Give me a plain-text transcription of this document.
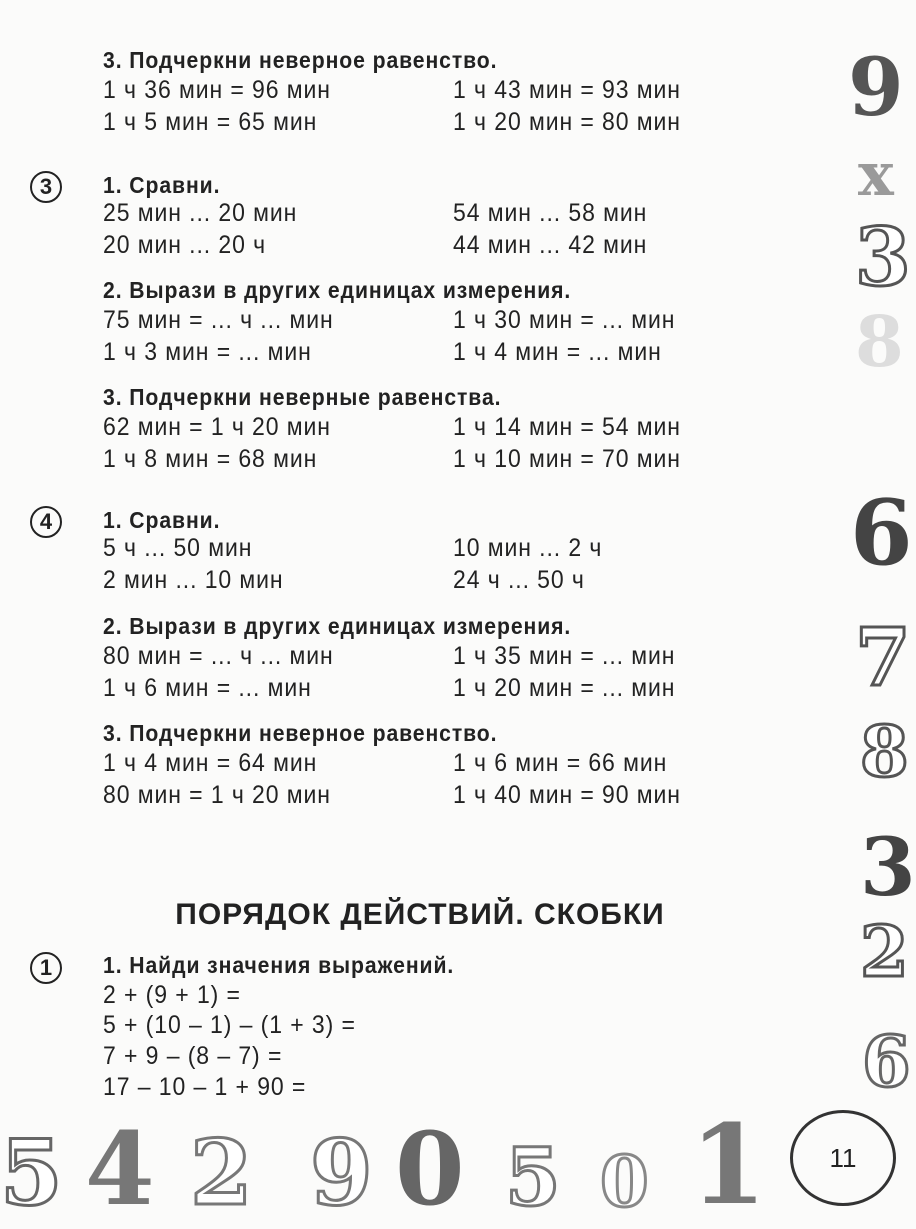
9
x
3
8
6
7
8
3
2
6
5 4 2 9 0 5 0 1
3. Подчеркни неверное равенство.
1 ч 36 мин = 96 мин	1 ч 43 мин = 93 мин
1 ч 5 мин = 65 мин	1 ч 20 мин = 80 мин
3	1. Сравни.
25 мин ... 20 мин	54 мин ... 58 мин
20 мин ... 20 ч	44 мин ... 42 мин
2. Вырази в других единицах измерения.
75 мин = ... ч ... мин	1 ч 30 мин = ... мин
1 ч 3 мин = ... мин	1 ч 4 мин = ... мин
3. Подчеркни неверные равенства.
62 мин = 1 ч 20 мин	1 ч 14 мин = 54 мин
1 ч 8 мин = 68 мин	1 ч 10 мин = 70 мин
4	1. Сравни.
5 ч ... 50 мин	10 мин ... 2 ч
2 мин ... 10 мин	24 ч ... 50 ч
2. Вырази в других единицах измерения.
80 мин = ... ч ... мин	1 ч 35 мин = ... мин
1 ч 6 мин = ... мин	1 ч 20 мин = ... мин
3. Подчеркни неверное равенство.
1 ч 4 мин = 64 мин	1 ч 6 мин = 66 мин
80 мин = 1 ч 20 мин	1 ч 40 мин = 90 мин
ПОРЯДОК ДЕЙСТВИЙ. СКОБКИ
1	1. Найди значения выражений.
2 + (9 + 1) =
5 + (10 – 1) – (1 + 3) =
7 + 9 – (8 – 7) =
17 – 10 – 1 + 90 =
11
